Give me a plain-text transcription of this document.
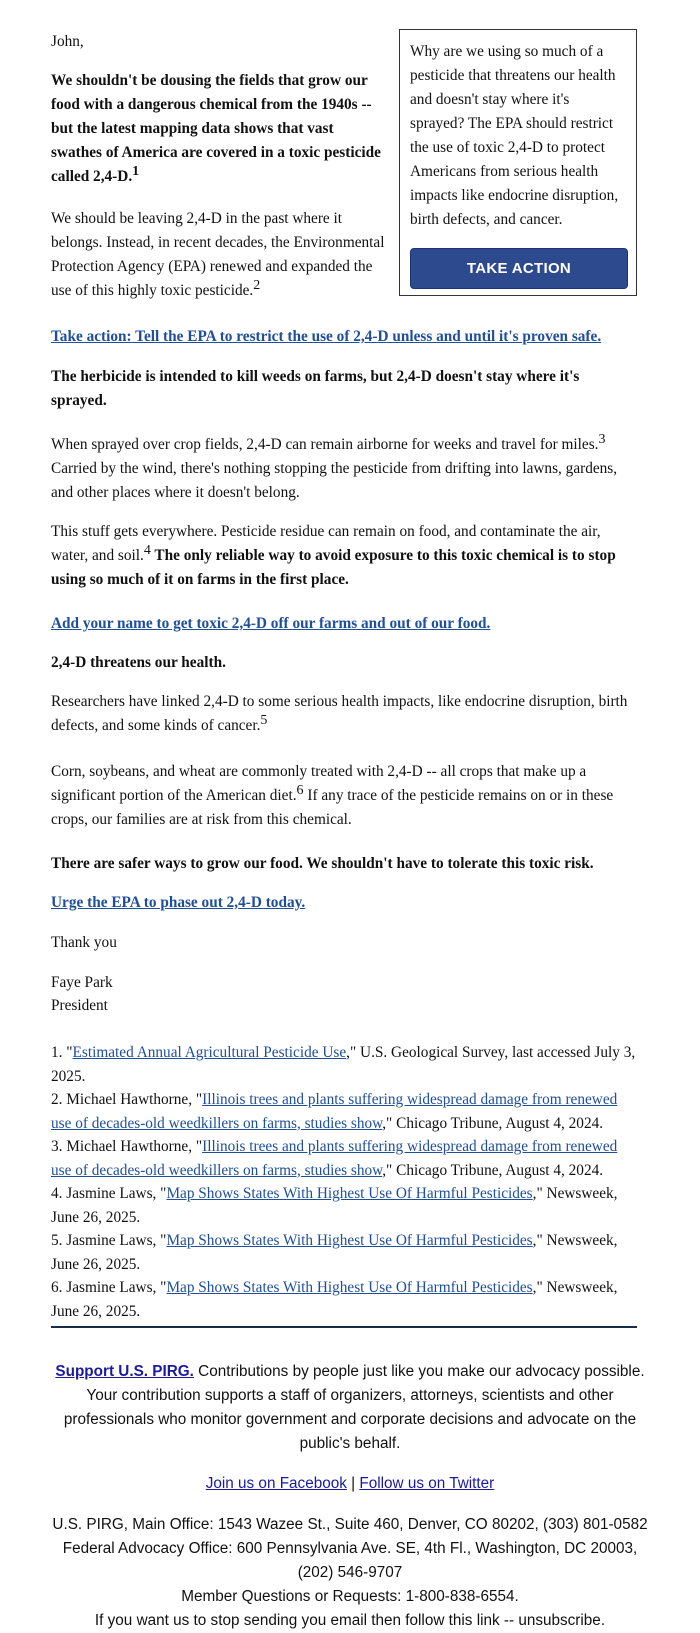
John,

We shouldn't be dousing the fields that grow our food with a dangerous chemical from the 1940s -- but the latest mapping data shows that vast swathes of America are covered in a toxic pesticide called 2,4-D.$^1$

We should be leaving 2,4-D in the past where it belongs. Instead, in recent decades, the Environmental Protection Agency (EPA) renewed and expanded the use of this highly toxic pesticide.$^2$

Why are we using so much of a pesticide that threatens our health and doesn't stay where it's sprayed? The EPA should restrict the use of toxic 2,4-D to protect Americans from serious health impacts like endocrine disruption, birth defects, and cancer.

TAKE ACTION

Take action: Tell the EPA to restrict the use of 2,4-D unless and until it's proven safe.

The herbicide is intended to kill weeds on farms, but 2,4-D doesn't stay where it's sprayed.

When sprayed over crop fields, 2,4-D can remain airborne for weeks and travel for miles.$^3$ Carried by the wind, there's nothing stopping the pesticide from drifting into lawns, gardens, and other places where it doesn't belong.

This stuff gets everywhere. Pesticide residue can remain on food, and contaminate the air, water, and soil.$^4$ The only reliable way to avoid exposure to this toxic chemical is to stop using so much of it on farms in the first place.

Add your name to get toxic 2,4-D off our farms and out of our food.

2,4-D threatens our health.

Researchers have linked 2,4-D to some serious health impacts, like endocrine disruption, birth defects, and some kinds of cancer.$^5$

Corn, soybeans, and wheat are commonly treated with 2,4-D -- all crops that make up a significant portion of the American diet.$^6$ If any trace of the pesticide remains on or in these crops, our families are at risk from this chemical.

There are safer ways to grow our food. We shouldn't have to tolerate this toxic risk.

Urge the EPA to phase out 2,4-D today.

Thank you

Faye Park

President

1. "Estimated Annual Agricultural Pesticide Use," U.S. Geological Survey, last accessed July 3, 2025.

2. Michael Hawthorne, "Illinois trees and plants suffering widespread damage from renewed use of decades-old weedkillers on farms, studies show," Chicago Tribune, August 4, 2024.

3. Michael Hawthorne, "Illinois trees and plants suffering widespread damage from renewed use of decades-old weedkillers on farms, studies show," Chicago Tribune, August 4, 2024.

4. Jasmine Laws, "Map Shows States With Highest Use Of Harmful Pesticides," Newsweek, June 26, 2025.

5. Jasmine Laws, "Map Shows States With Highest Use Of Harmful Pesticides," Newsweek, June 26, 2025.

6. Jasmine Laws, "Map Shows States With Highest Use Of Harmful Pesticides," Newsweek, June 26, 2025.

Support U.S. PIRG. Contributions by people just like you make our advocacy possible. Your contribution supports a staff of organizers, attorneys, scientists and other professionals who monitor government and corporate decisions and advocate on the public's behalf.

Join us on Facebook | Follow us on Twitter

U.S. PIRG, Main Office: 1543 Wazee St., Suite 460, Denver, CO 80202, (303) 801-0582

Federal Advocacy Office: 600 Pennsylvania Ave. SE, 4th Fl., Washington, DC 20003, (202) 546-9707

Member Questions or Requests: 1-800-838-6554.

If you want us to stop sending you email then follow this link -- unsubscribe.
